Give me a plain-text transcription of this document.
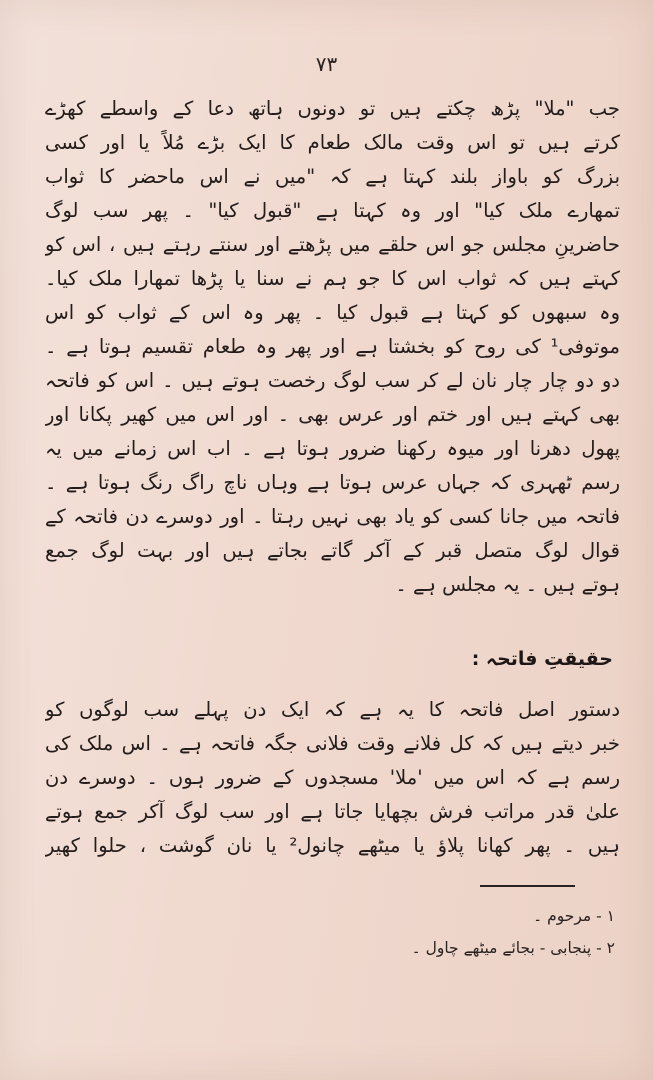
۷۳
جب "ملا" پڑھ چکتے ہیں تو دونوں ہاتھ دعا کے واسطے کھڑے
کرتے ہیں تو اس وقت مالک طعام کا ایک بڑے مُلاً یا اور کسی
بزرگ کو باواز بلند کہتا ہے کہ "میں نے اس ماحضر کا ثواب
تمھارے ملک کیا" اور وہ کہتا ہے "قبول کیا" ۔ پھر سب لوگ
حاضرینِ مجلس جو اس حلقے میں پڑھتے اور سنتے رہتے ہیں ، اس کو
کہتے ہیں کہ ثواب اس کا جو ہم نے سنا یا پڑھا تمھارا ملک کیا۔
وہ سبھوں کو کہتا ہے قبول کیا ۔ پھر وہ اس کے ثواب کو اس
موتوفی¹ کی روح کو بخشتا ہے اور پھر وہ طعام تقسیم ہوتا ہے ۔
دو دو چار چار نان لے کر سب لوگ رخصت ہوتے ہیں ۔ اس کو فاتحہ
بھی کہتے ہیں اور ختم اور عرس بھی ۔ اور اس میں کھیر پکانا اور
پھول دھرنا اور میوہ رکھنا ضرور ہوتا ہے ۔ اب اس زمانے میں یہ
رسم ٹھہری کہ جہاں عرس ہوتا ہے وہاں ناچ راگ رنگ ہوتا ہے ۔
فاتحہ میں جانا کسی کو یاد بھی نہیں رہتا ۔ اور دوسرے دن فاتحہ کے
قوال لوگ متصل قبر کے آکر گاتے بجاتے ہیں اور بہت لوگ جمع
ہوتے ہیں ۔ یہ مجلس ہے ۔
حقیقتِ فاتحہ :
دستور اصل فاتحہ کا یہ ہے کہ ایک دن پہلے سب لوگوں کو
خبر دیتے ہیں کہ کل فلانے وقت فلانی جگہ فاتحہ ہے ۔ اس ملک کی
رسم ہے کہ اس میں 'ملا' مسجدوں کے ضرور ہوں ۔ دوسرے دن
علیٰ قدر مراتب فرش بچھایا جاتا ہے اور سب لوگ آکر جمع ہوتے
ہیں ۔ پھر کھانا پلاؤ یا میٹھے چانول² یا نان گوشت ، حلوا کھیر
۱ - مرحوم ۔
۲ - پنجابی - بجائے میٹھے چاول ۔
